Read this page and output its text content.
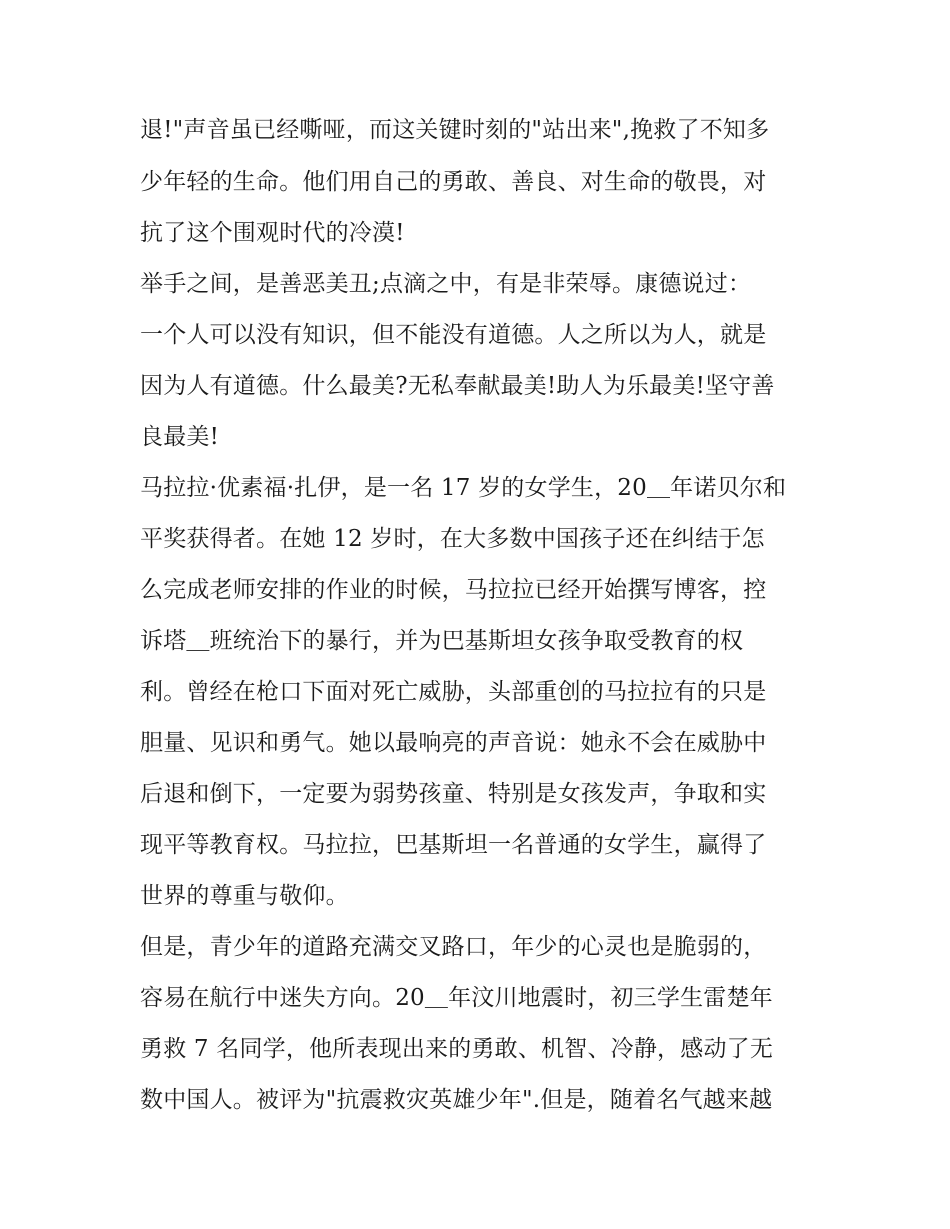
退!"声音虽已经嘶哑，而这关键时刻的"站出来",挽救了不知多
少年轻的生命。他们用自己的勇敢、善良、对生命的敬畏，对
抗了这个围观时代的冷漠!
举手之间，是善恶美丑;点滴之中，有是非荣辱。康德说过：
一个人可以没有知识，但不能没有道德。人之所以为人，就是
因为人有道德。什么最美?无私奉献最美!助人为乐最美!坚守善
良最美!
马拉拉·优素福·扎伊，是一名 17 岁的女学生，20＿年诺贝尔和
平奖获得者。在她 12 岁时，在大多数中国孩子还在纠结于怎
么完成老师安排的作业的时候，马拉拉已经开始撰写博客，控
诉塔＿班统治下的暴行，并为巴基斯坦女孩争取受教育的权
利。曾经在枪口下面对死亡威胁，头部重创的马拉拉有的只是
胆量、见识和勇气。她以最响亮的声音说：她永不会在威胁中
后退和倒下，一定要为弱势孩童、特别是女孩发声，争取和实
现平等教育权。马拉拉，巴基斯坦一名普通的女学生，赢得了
世界的尊重与敬仰。
但是，青少年的道路充满交叉路口，年少的心灵也是脆弱的，
容易在航行中迷失方向。20＿年汶川地震时，初三学生雷楚年
勇救 7 名同学，他所表现出来的勇敢、机智、冷静，感动了无
数中国人。被评为"抗震救灾英雄少年".但是，随着名气越来越
